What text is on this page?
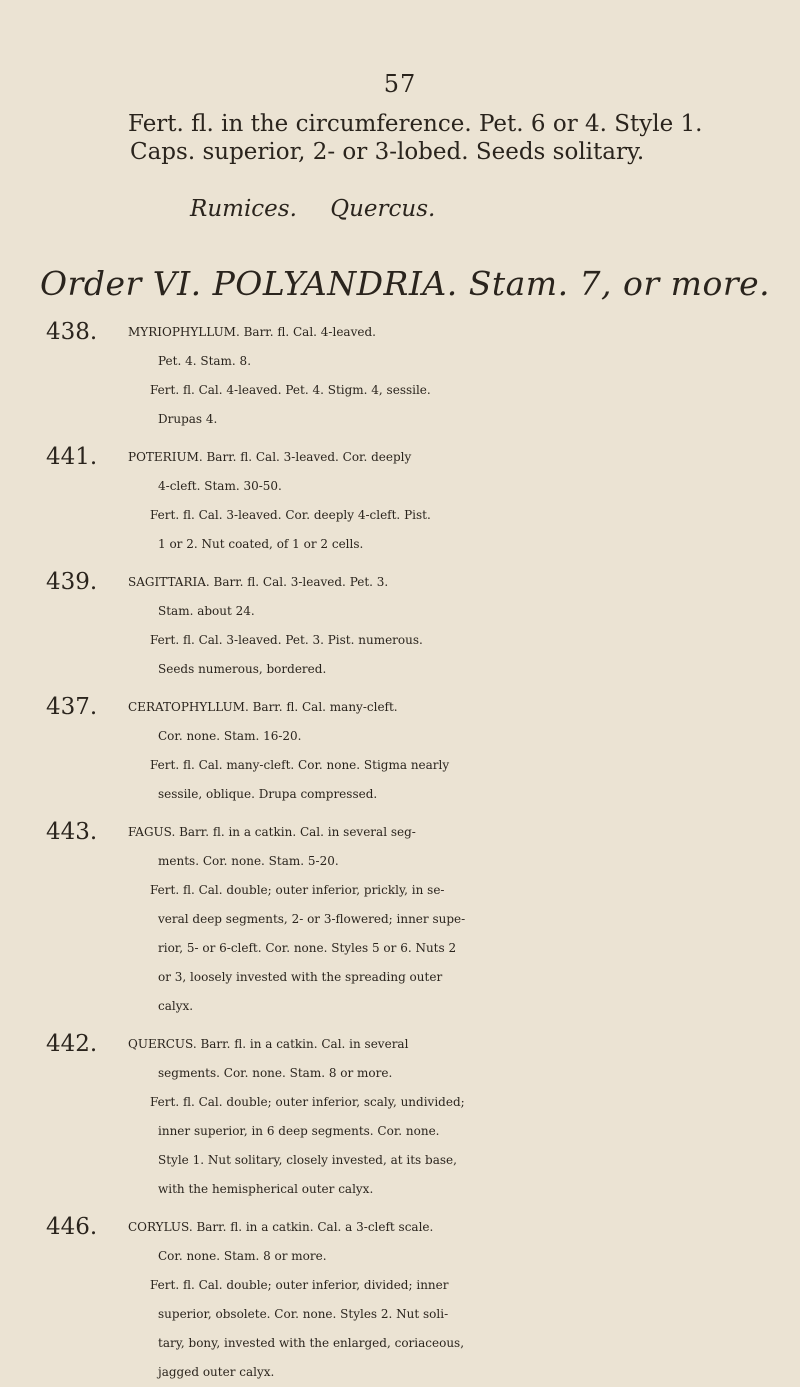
57
Fert. fl. in the circumference. Pet. 6 or 4. Style 1.
Caps. superior, 2- or 3-lobed. Seeds solitary.
Rumices. Quercus.
Order VI. POLYANDRIA. Stam. 7, or more.
438.	MYRIOPHYLLUM. Barr. fl. Cal. 4-leaved.
Pet. 4. Stam. 8.
Fert. fl. Cal. 4-leaved. Pet. 4. Stigm. 4, sessile.
Drupas 4.
441.	POTERIUM. Barr. fl. Cal. 3-leaved. Cor. deeply
4-cleft. Stam. 30-50.
Fert. fl. Cal. 3-leaved. Cor. deeply 4-cleft. Pist.
1 or 2. Nut coated, of 1 or 2 cells.
439.	SAGITTARIA. Barr. fl. Cal. 3-leaved. Pet. 3.
Stam. about 24.
Fert. fl. Cal. 3-leaved. Pet. 3. Pist. numerous.
Seeds numerous, bordered.
437.	CERATOPHYLLUM. Barr. fl. Cal. many-cleft.
Cor. none. Stam. 16-20.
Fert. fl. Cal. many-cleft. Cor. none. Stigma nearly
sessile, oblique. Drupa compressed.
443.	FAGUS. Barr. fl. in a catkin. Cal. in several seg-
ments. Cor. none. Stam. 5-20.
Fert. fl. Cal. double; outer inferior, prickly, in se-
veral deep segments, 2- or 3-flowered; inner supe-
rior, 5- or 6-cleft. Cor. none. Styles 5 or 6. Nuts 2
or 3, loosely invested with the spreading outer
calyx.
442.	QUERCUS. Barr. fl. in a catkin. Cal. in several
segments. Cor. none. Stam. 8 or more.
Fert. fl. Cal. double; outer inferior, scaly, undivided;
inner superior, in 6 deep segments. Cor. none.
Style 1. Nut solitary, closely invested, at its base,
with the hemispherical outer calyx.
446.	CORYLUS. Barr. fl. in a catkin. Cal. a 3-cleft scale.
Cor. none. Stam. 8 or more.
Fert. fl. Cal. double; outer inferior, divided; inner
superior, obsolete. Cor. none. Styles 2. Nut soli-
tary, bony, invested with the enlarged, coriaceous,
jagged outer calyx.
